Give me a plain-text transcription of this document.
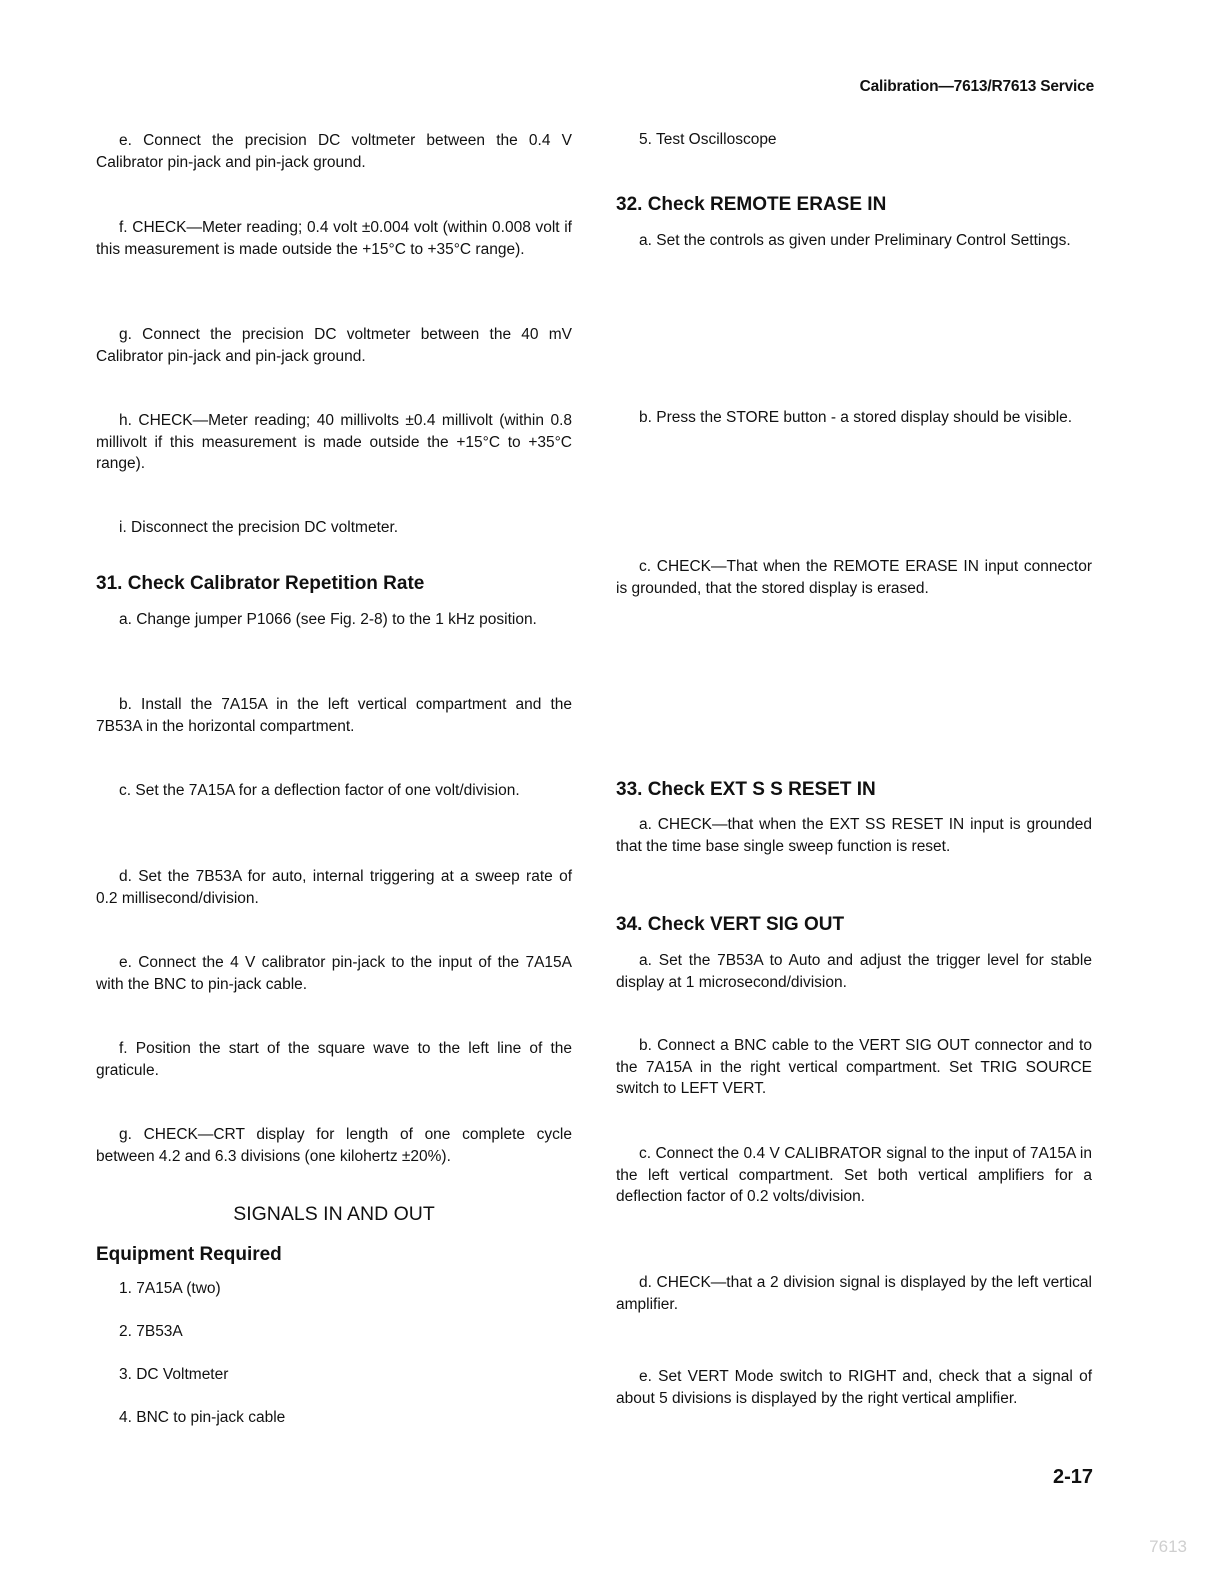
Calibration—7613/R7613 Service

e. Connect the precision DC voltmeter between the 0.4 V Calibrator pin-jack and pin-jack ground.

f. CHECK—Meter reading; 0.4 volt ±0.004 volt (within 0.008 volt if this measurement is made outside the +15°C to +35°C range).

g. Connect the precision DC voltmeter between the 40 mV Calibrator pin-jack and pin-jack ground.

h. CHECK—Meter reading; 40 millivolts ±0.4 millivolt (within 0.8 millivolt if this measurement is made outside the +15°C to +35°C range).

i. Disconnect the precision DC voltmeter.

31. Check Calibrator Repetition Rate

a. Change jumper P1066 (see Fig. 2-8) to the 1 kHz position.

b. Install the 7A15A in the left vertical compartment and the 7B53A in the horizontal compartment.

c. Set the 7A15A for a deflection factor of one volt/division.

d. Set the 7B53A for auto, internal triggering at a sweep rate of 0.2 millisecond/division.

e. Connect the 4 V calibrator pin-jack to the input of the 7A15A with the BNC to pin-jack cable.

f. Position the start of the square wave to the left line of the graticule.

g. CHECK—CRT display for length of one complete cycle between 4.2 and 6.3 divisions (one kilohertz ±20%).

SIGNALS IN AND OUT
Equipment Required

1. 7A15A (two)

2. 7B53A

3. DC Voltmeter

4. BNC to pin-jack cable

5. Test Oscilloscope

32. Check REMOTE ERASE IN

a. Set the controls as given under Preliminary Control Settings.

b. Press the STORE button - a stored display should be visible.

c. CHECK—That when the REMOTE ERASE IN input connector is grounded, that the stored display is erased.

33. Check EXT S S RESET IN

a. CHECK—that when the EXT SS RESET IN input is grounded that the time base single sweep function is reset.

34. Check VERT SIG OUT

a. Set the 7B53A to Auto and adjust the trigger level for stable display at 1 microsecond/division.

b. Connect a BNC cable to the VERT SIG OUT connector and to the 7A15A in the right vertical compartment. Set TRIG SOURCE switch to LEFT VERT.

c. Connect the 0.4 V CALIBRATOR signal to the input of 7A15A in the left vertical compartment. Set both vertical amplifiers for a deflection factor of 0.2 volts/division.

d. CHECK—that a 2 division signal is displayed by the left vertical amplifier.

e. Set VERT Mode switch to RIGHT and, check that a signal of about 5 divisions is displayed by the right vertical amplifier.

2-17
7613
